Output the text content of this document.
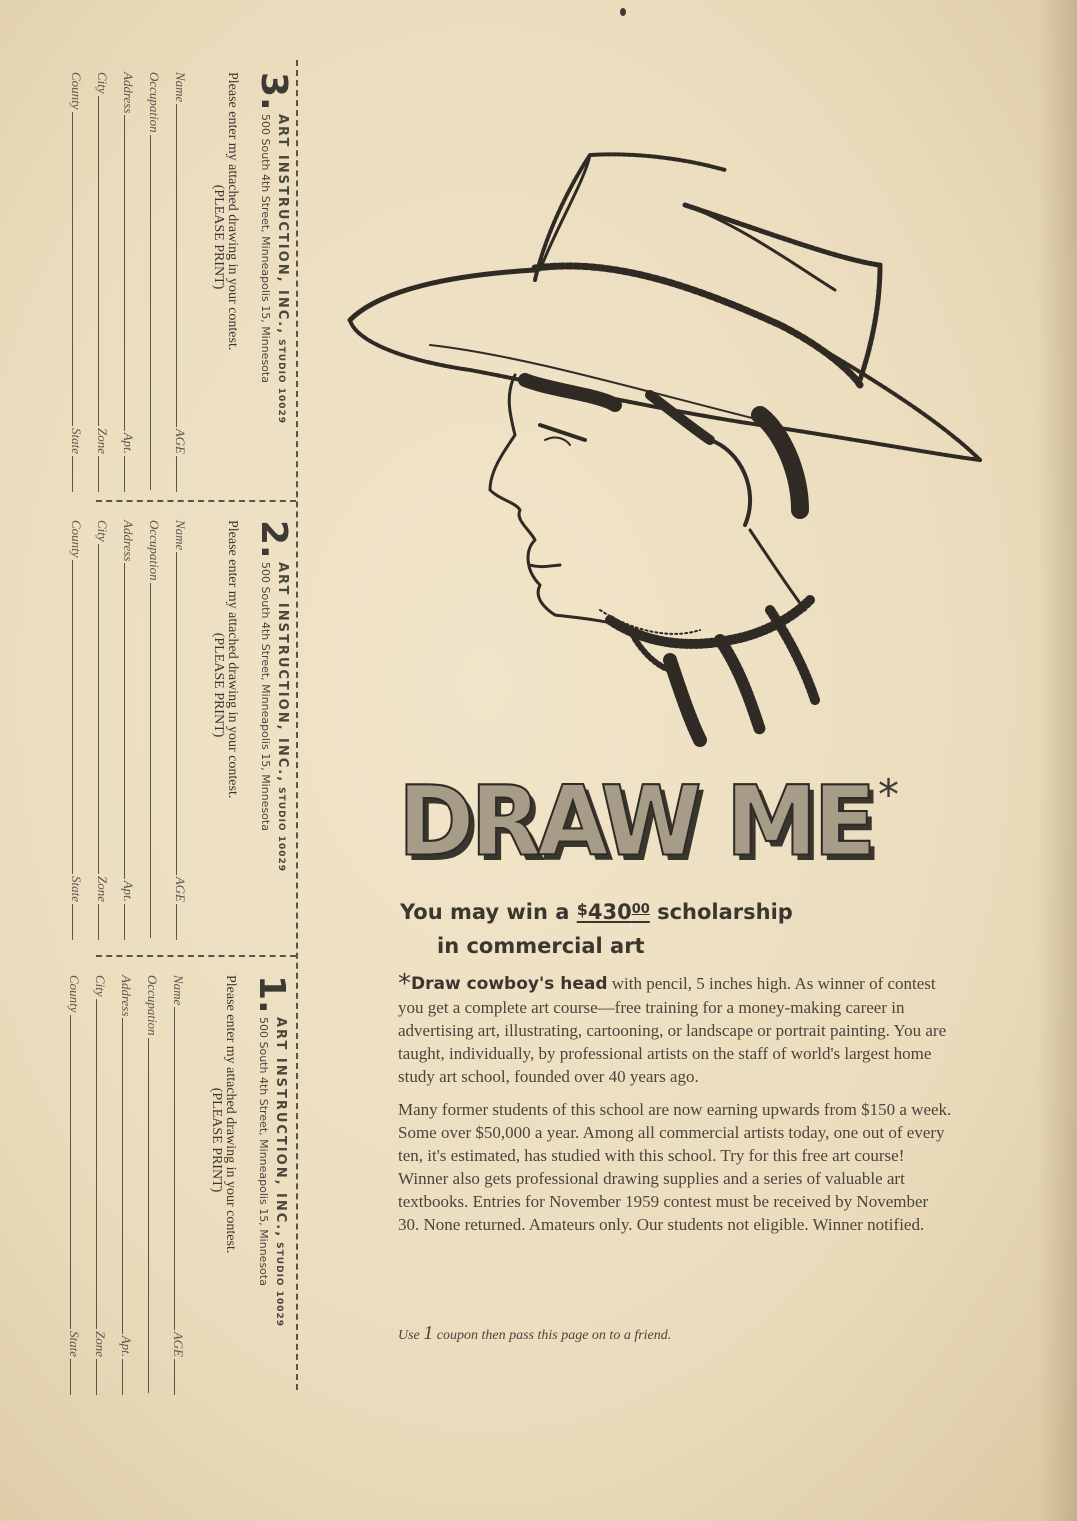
3.
ART INSTRUCTION, INC.,STUDIO 10029
500 South 4th Street, Minneapolis 15, Minnesota
Please enter my attached drawing in your contest.
(PLEASE PRINT)
Name
AGE
Occupation
Address
Apt.
City
Zone
County
State
2.
ART INSTRUCTION, INC.,STUDIO 10029
500 South 4th Street, Minneapolis 15, Minnesota
Please enter my attached drawing in your contest.
(PLEASE PRINT)
Name
AGE
Occupation
Address
Apt.
City
Zone
County
State
1.
ART INSTRUCTION, INC.,STUDIO 10029
500 South 4th Street, Minneapolis 15, Minnesota
Please enter my attached drawing in your contest.
(PLEASE PRINT)
Name
AGE
Occupation
Address
Apt.
City
Zone
County
State
DRAW ME *
You may win a $\$430^{00}$ scholarship
in commercial art

*Draw cowboy's head with pencil, 5 inches high. As winner of contest you get a complete art course—free training for a money-making career in advertising art, illustrating, cartooning, or landscape or portrait painting. You are taught, individually, by professional artists on the staff of world's largest home study art school, founded over 40 years ago.

Many former students of this school are now earning upwards from $150 a week. Some over $50,000 a year. Among all commercial artists today, one out of every ten, it's estimated, has studied with this school. Try for this free art course! Winner also gets professional drawing supplies and a series of valuable art textbooks. Entries for November 1959 contest must be received by November 30. None returned. Amateurs only. Our students not eligible. Winner notified.

Use 1 coupon then pass this page on to a friend.
